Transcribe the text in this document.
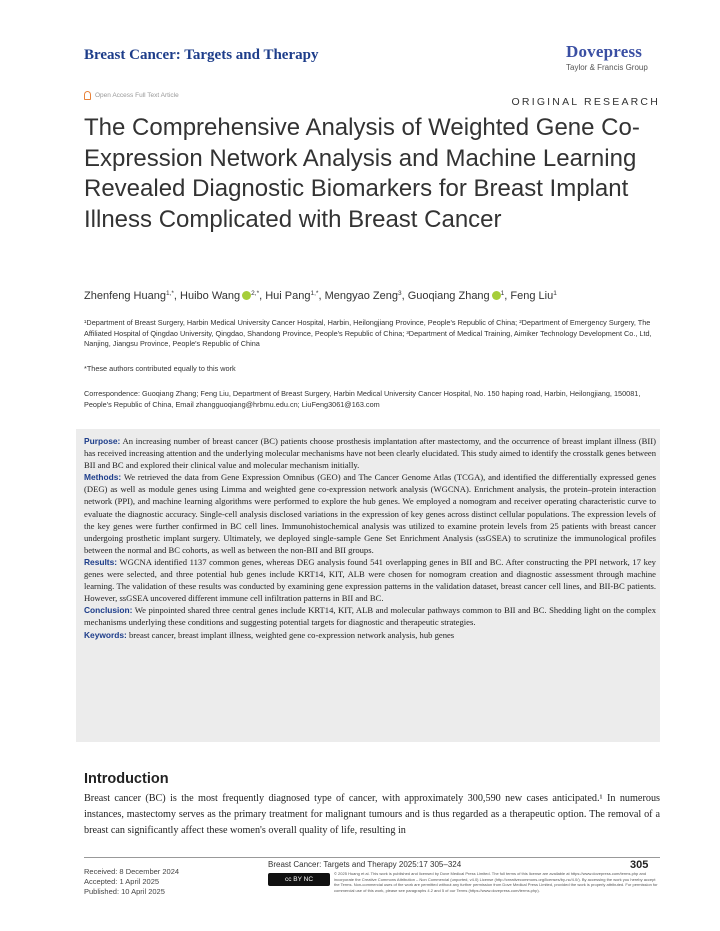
Breast Cancer: Targets and Therapy	Dovepress
Taylor & Francis Group
Open Access Full Text Article
ORIGINAL RESEARCH
The Comprehensive Analysis of Weighted Gene Co-Expression Network Analysis and Machine Learning Revealed Diagnostic Biomarkers for Breast Implant Illness Complicated with Breast Cancer
Zhenfeng Huang$^{1,*}$, Huibo Wang $^{2,*}$, Hui Pang$^{1,*}$, Mengyao Zeng$^3$, Guoqiang Zhang $^1$, Feng Liu$^1$
¹Department of Breast Surgery, Harbin Medical University Cancer Hospital, Harbin, Heilongjiang Province, People's Republic of China; ²Department of Emergency Surgery, The Affiliated Hospital of Qingdao University, Qingdao, Shandong Province, People's Republic of China; ³Department of Medical Training, Aimiker Technology Development Co., Ltd, Nanjing, Jiangsu Province, People's Republic of China
*These authors contributed equally to this work
Correspondence: Guoqiang Zhang; Feng Liu, Department of Breast Surgery, Harbin Medical University Cancer Hospital, No. 150 haping road, Harbin, Heilongjiang, 150081, People's Republic of China, Email zhangguoqiang@hrbmu.edu.cn; LiuFeng3061@163.com

Purpose: An increasing number of breast cancer (BC) patients choose prosthesis implantation after mastectomy, and the occurrence of breast implant illness (BII) has received increasing attention and the underlying molecular mechanisms have not been clearly elucidated. This study aimed to identify the crosstalk genes between BII and BC and explored their clinical value and molecular mechanism initially.

Methods: We retrieved the data from Gene Expression Omnibus (GEO) and The Cancer Genome Atlas (TCGA), and identified the differentially expressed genes (DEG) as well as module genes using Limma and weighted gene co-expression network analysis (WGCNA). Enrichment analysis, the protein–protein interaction network (PPI), and machine learning algorithms were performed to explore the hub genes. We employed a nomogram and receiver operating characteristic curve to evaluate the diagnostic accuracy. Single-cell analysis disclosed variations in the expression of key genes across distinct cellular populations. The expression levels of the key genes were further confirmed in BC cell lines. Immunohistochemical analysis was utilized to examine protein levels from 25 patients with breast cancer undergoing prosthetic implant surgery. Ultimately, we deployed single-sample Gene Set Enrichment Analysis (ssGSEA) to scrutinize the immunological profiles between the normal and BC cohorts, as well as between the non-BII and BII groups.

Results: WGCNA identified 1137 common genes, whereas DEG analysis found 541 overlapping genes in BII and BC. After constructing the PPI network, 17 key genes were selected, and three potential hub genes include KRT14, KIT, ALB were chosen for nomogram creation and diagnostic assessment through machine learning. The validation of these results was conducted by examining gene expression patterns in the validation dataset, breast cancer cell lines, and BII-BC patients. However, ssGSEA uncovered different immune cell infiltration patterns in BII and BC.

Conclusion: We pinpointed shared three central genes include KRT14, KIT, ALB and molecular pathways common to BII and BC. Shedding light on the complex mechanisms underlying these conditions and suggesting potential targets for diagnostic and therapeutic strategies.

Keywords: breast cancer, breast implant illness, weighted gene co-expression network analysis, hub genes

Introduction
Breast cancer (BC) is the most frequently diagnosed type of cancer, with approximately 300,590 new cases anticipated.¹ In numerous instances, mastectomy serves as the primary treatment for malignant tumours and is thus regarded as a therapeutic option. The removal of a breast can significantly affect these women's overall quality of life, resulting in
Received: 8 December 2024
Accepted: 1 April 2025
Published: 10 April 2025
Breast Cancer: Targets and Therapy 2025:17 305–324	305
cc BY NC
© 2025 Huang et al. This work is published and licensed by Dove Medical Press Limited. The full terms of this license are available at https://www.dovepress.com/terms.php and incorporate the Creative Commons Attribution – Non Commercial (unported, v4.0) License (http://creativecommons.org/licenses/by-nc/4.0/). By accessing the work you hereby accept the Terms. Non-commercial uses of the work are permitted without any further permission from Dove Medical Press Limited, provided the work is properly attributed. For permission for commercial use of this work, please see paragraphs 4.2 and 5 of our Terms (https://www.dovepress.com/terms.php).
